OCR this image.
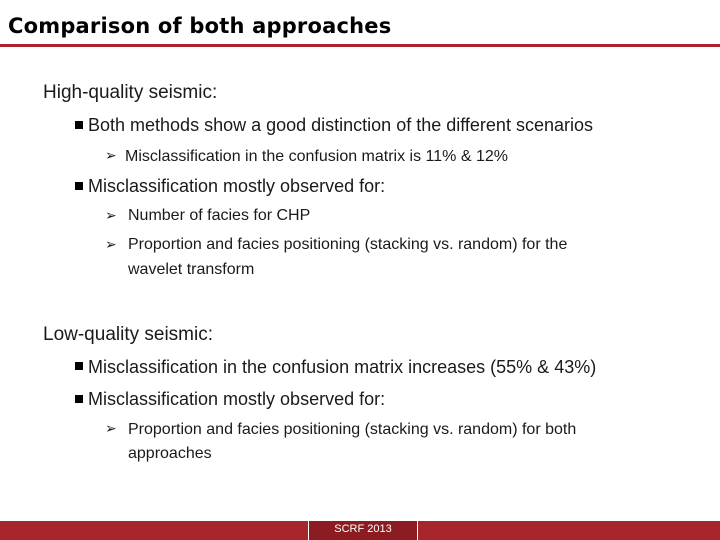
Comparison of both approaches
High-quality seismic:
Both methods show a good distinction of the different scenarios
➢ Misclassification in the confusion matrix is 11% & 12%
Misclassification mostly observed for:
➢ Number of facies for CHP
➢ Proportion and facies positioning (stacking vs. random) for the
wavelet transform
Low-quality seismic:
Misclassification in the confusion matrix increases (55% & 43%)
Misclassification mostly observed for:
➢ Proportion and facies positioning (stacking vs. random) for both
approaches
SCRF 2013
